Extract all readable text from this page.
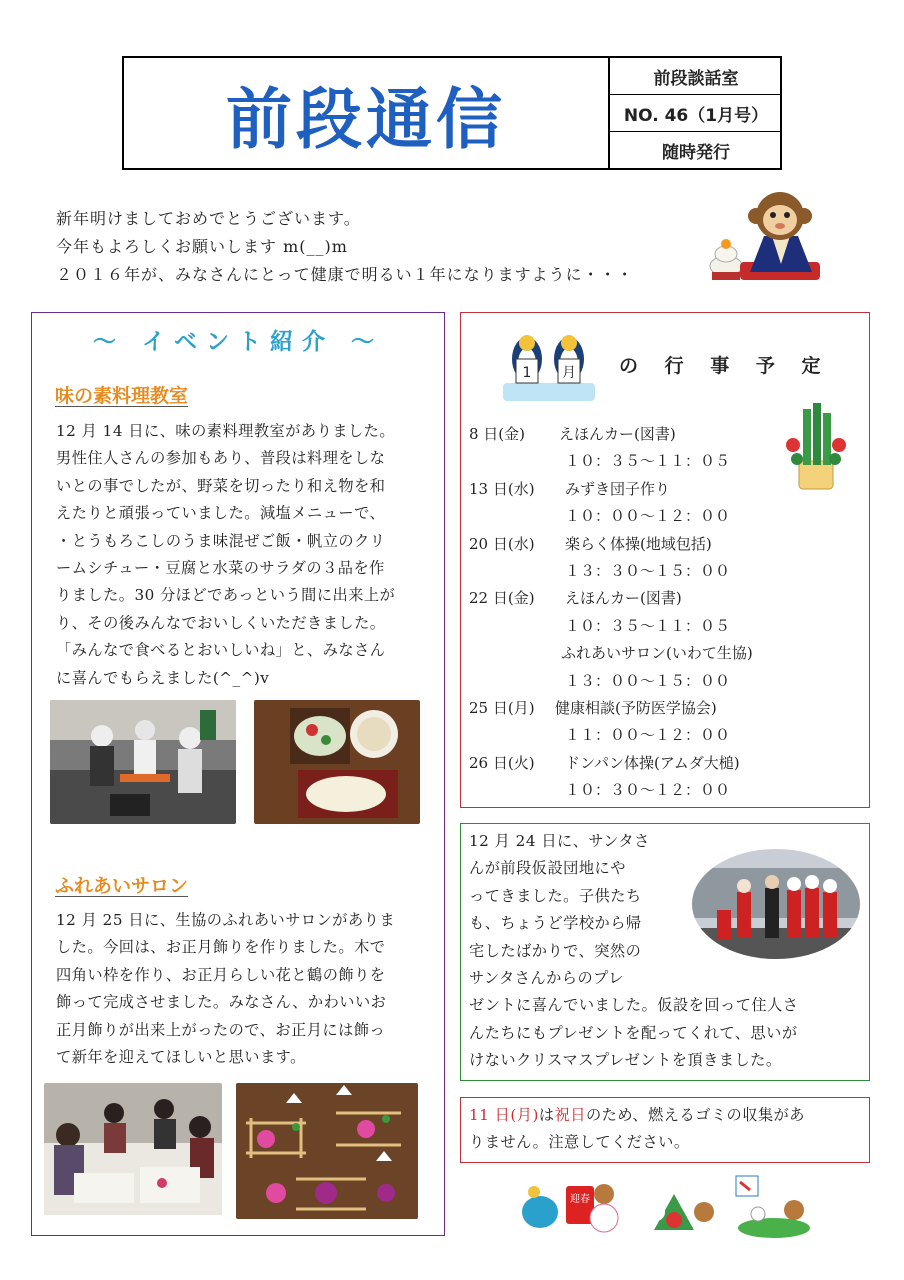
前段通信
前段談話室
NO. 46（1月号）
随時発行
新年明けましておめでとうございます。
今年もよろしくお願いします m(__)m
２０１６年が、みなさんにとって健康で明るい１年になりますように・・・
～ イベント紹介 ～
味の素料理教室
12 月 14 日に、味の素料理教室がありました。
男性住人さんの参加もあり、普段は料理をしな
いとの事でしたが、野菜を切ったり和え物を和
えたりと頑張っていました。減塩メニューで、
・とうもろこしのうま味混ぜご飯・帆立のクリ
ームシチュー・豆腐と水菜のサラダの３品を作
りました。30 分ほどであっという間に出来上が
り、その後みんなでおいしくいただきました。
「みんなで食べるとおいしいね」と、みなさん
に喜んでもらえました(^_^)v
ふれあいサロン
12 月 25 日に、生協のふれあいサロンがありま
した。今回は、お正月飾りを作りました。木で
四角い枠を作り、お正月らしい花と鶴の飾りを
飾って完成させました。みなさん、かわいいお
正月飾りが出来上がったので、お正月には飾っ
て新年を迎えてほしいと思います。
1 月 の 行 事 予 定
8 日(金) えほんカー(図書)
１０：３５～１１：０５
13 日(水) みずき団子作り
１０：００～１２：００
20 日(水) 楽らく体操(地域包括)
１３：３０～１５：００
22 日(金) えほんカー(図書)
１０：３５～１１：０５
ふれあいサロン(いわて生協)
１３：００～１５：００
25 日(月) 健康相談(予防医学協会)
１１：００～１２：００
26 日(火) ドンパン体操(アムダ大槌)
１０：３０～１２：００
12 月 24 日に、サンタさ
んが前段仮設団地にや
ってきました。子供たち
も、ちょうど学校から帰
宅したばかりで、突然の
サンタさんからのプレ
ゼントに喜んでいました。仮設を回って住人さ
んたちにもプレゼントを配ってくれて、思いが
けないクリスマスプレゼントを頂きました。
11 日(月)は祝日のため、燃えるゴミの収集があ
りません。注意してください。
迎春
